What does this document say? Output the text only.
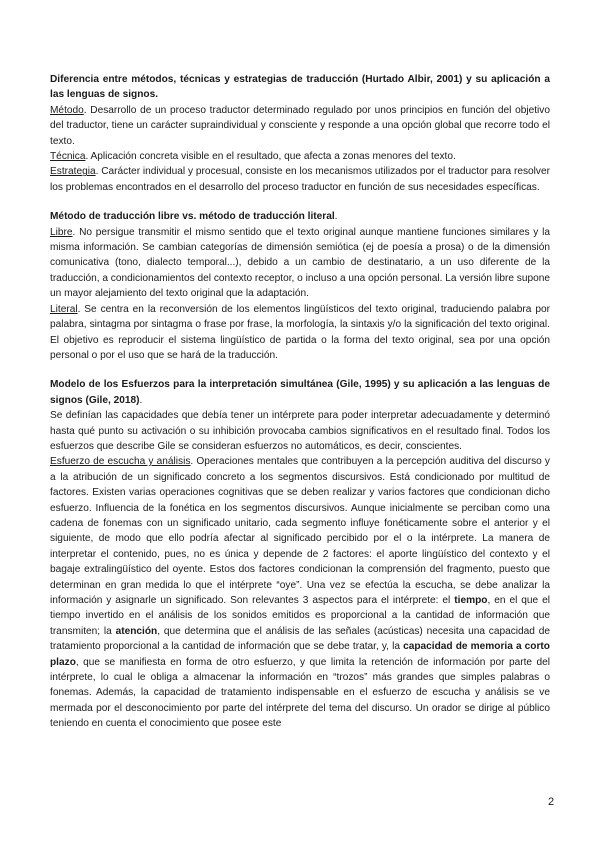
Diferencia entre métodos, técnicas y estrategias de traducción (Hurtado Albir, 2001) y su aplicación a las lenguas de signos.

Método. Desarrollo de un proceso traductor determinado regulado por unos principios en función del objetivo del traductor, tiene un carácter supraindividual y consciente y responde a una opción global que recorre todo el texto.

Técnica. Aplicación concreta visible en el resultado, que afecta a zonas menores del texto.

Estrategia. Carácter individual y procesual, consiste en los mecanismos utilizados por el traductor para resolver los problemas encontrados en el desarrollo del proceso traductor en función de sus necesidades específicas.

Método de traducción libre vs. método de traducción literal.

Libre. No persigue transmitir el mismo sentido que el texto original aunque mantiene funciones similares y la misma información. Se cambian categorías de dimensión semiótica (ej de poesía a prosa) o de la dimensión comunicativa (tono, dialecto temporal...), debido a un cambio de destinatario, a un uso diferente de la traducción, a condicionamientos del contexto receptor, o incluso a una opción personal. La versión libre supone un mayor alejamiento del texto original que la adaptación.

Literal. Se centra en la reconversión de los elementos lingüísticos del texto original, traduciendo palabra por palabra, sintagma por sintagma o frase por frase, la morfología, la sintaxis y/o la significación del texto original. El objetivo es reproducir el sistema lingüístico de partida o la forma del texto original, sea por una opción personal o por el uso que se hará de la traducción.

Modelo de los Esfuerzos para la interpretación simultánea (Gile, 1995) y su aplicación a las lenguas de signos (Gile, 2018).

Se definían las capacidades que debía tener un intérprete para poder interpretar adecuadamente y determinó hasta qué punto su activación o su inhibición provocaba cambios significativos en el resultado final. Todos los esfuerzos que describe Gile se consideran esfuerzos no automáticos, es decir, conscientes.

Esfuerzo de escucha y análisis. Operaciones mentales que contribuyen a la percepción auditiva del discurso y a la atribución de un significado concreto a los segmentos discursivos. Está condicionado por multitud de factores. Existen varias operaciones cognitivas que se deben realizar y varios factores que condicionan dicho esfuerzo. Influencia de la fonética en los segmentos discursivos. Aunque inicialmente se perciban como una cadena de fonemas con un significado unitario, cada segmento influye fonéticamente sobre el anterior y el siguiente, de modo que ello podría afectar al significado percibido por el o la intérprete. La manera de interpretar el contenido, pues, no es única y depende de 2 factores: el aporte lingüístico del contexto y el bagaje extralingüístico del oyente. Estos dos factores condicionan la comprensión del fragmento, puesto que determinan en gran medida lo que el intérprete “oye”. Una vez se efectúa la escucha, se debe analizar la información y asignarle un significado. Son relevantes 3 aspectos para el intérprete: el tiempo, en el que el tiempo invertido en el análisis de los sonidos emitidos es proporcional a la cantidad de información que transmiten; la atención, que determina que el análisis de las señales (acústicas) necesita una capacidad de tratamiento proporcional a la cantidad de información que se debe tratar, y, la capacidad de memoria a corto plazo, que se manifiesta en forma de otro esfuerzo, y que limita la retención de información por parte del intérprete, lo cual le obliga a almacenar la información en “trozos” más grandes que simples palabras o fonemas. Además, la capacidad de tratamiento indispensable en el esfuerzo de escucha y análisis se ve mermada por el desconocimiento por parte del intérprete del tema del discurso. Un orador se dirige al público teniendo en cuenta el conocimiento que posee este

2
